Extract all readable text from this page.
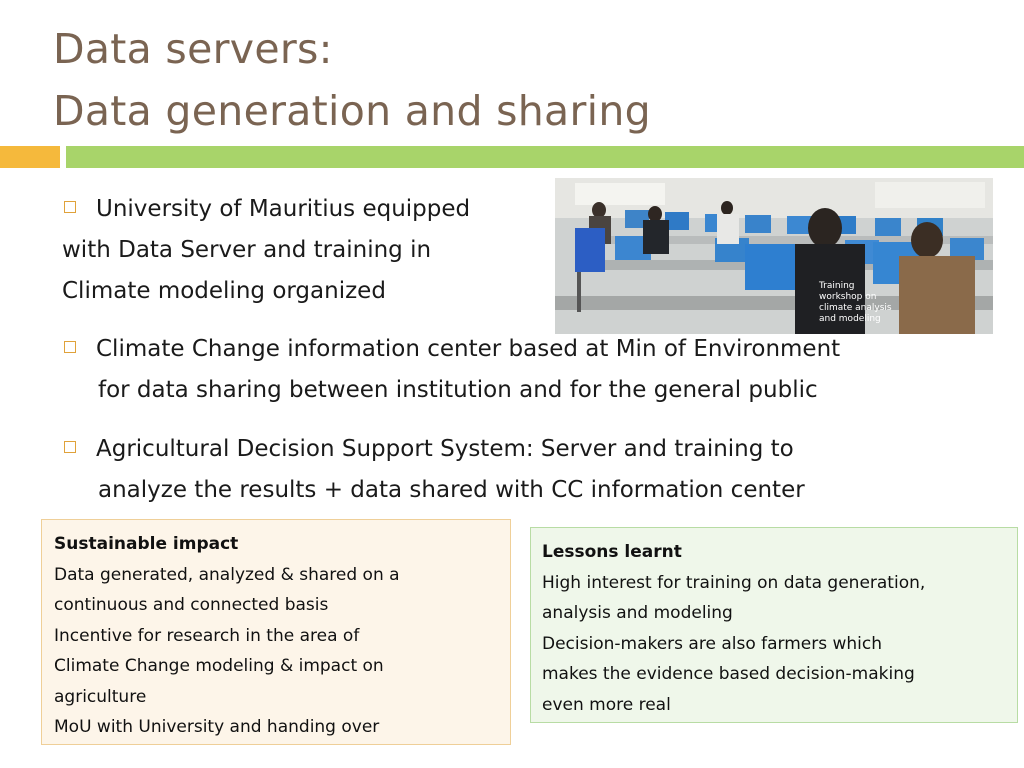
Data servers:
Data generation and sharing
University of Mauritius equipped
with Data Server and training in
Climate modeling organized	Training
workshop on
climate analysis
and modeling
Climate Change information center based at Min of Environment
for data sharing between institution and for the general public
Agricultural Decision Support System: Server and training to
analyze the results + data shared with CC information center
Sustainable impact
Data generated, analyzed & shared on a
continuous and connected basis
Incentive for research in the area of
Climate Change modeling & impact on
agriculture
MoU with University and handing over
Lessons learnt
High interest for training on data generation,
analysis and modeling
Decision-makers are also farmers which
makes the evidence based decision-making
even more real
